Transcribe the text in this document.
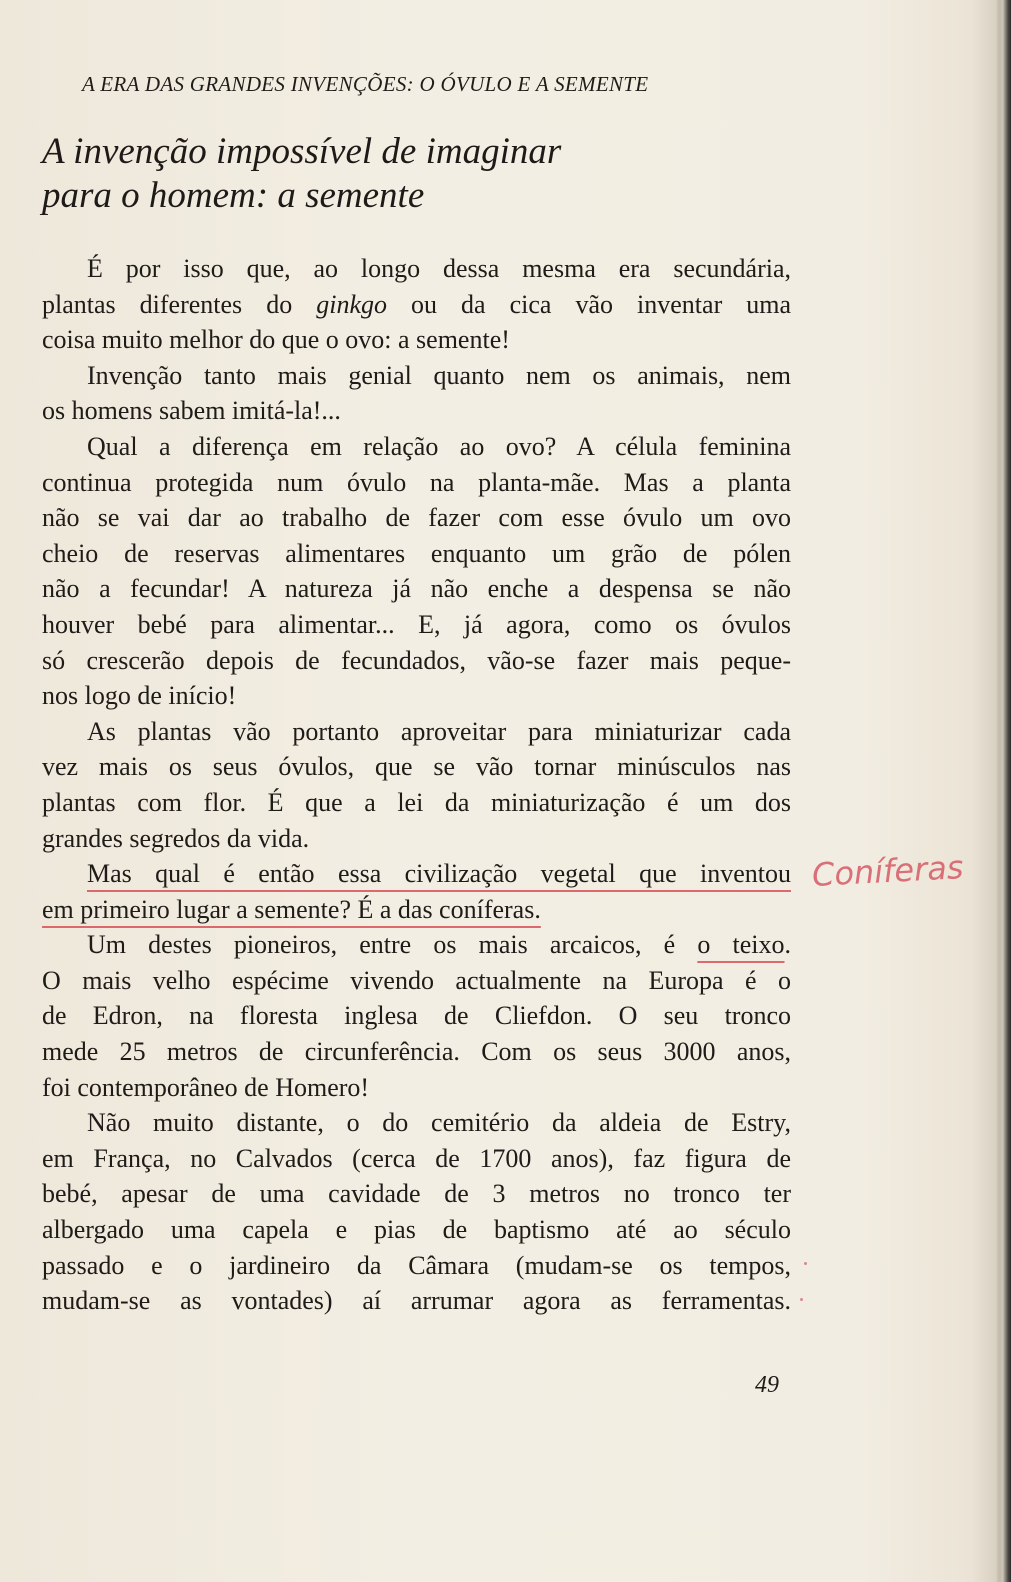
A ERA DAS GRANDES INVENÇÕES: O ÓVULO E A SEMENTE
A invenção impossível de imaginar
para o homem: a semente
É por isso que, ao longo dessa mesma era secundária,
plantas diferentes do ginkgo ou da cica vão inventar uma
coisa muito melhor do que o ovo: a semente!
Invenção tanto mais genial quanto nem os animais, nem
os homens sabem imitá-la!...
Qual a diferença em relação ao ovo? A célula feminina
continua protegida num óvulo na planta-mãe. Mas a planta
não se vai dar ao trabalho de fazer com esse óvulo um ovo
cheio de reservas alimentares enquanto um grão de pólen
não a fecundar! A natureza já não enche a despensa se não
houver bebé para alimentar... E, já agora, como os óvulos
só crescerão depois de fecundados, vão-se fazer mais peque-
nos logo de início!
As plantas vão portanto aproveitar para miniaturizar cada
vez mais os seus óvulos, que se vão tornar minúsculos nas
plantas com flor. É que a lei da miniaturização é um dos
grandes segredos da vida.
Mas qual é então essa civilização vegetal que inventou
em primeiro lugar a semente? É a das coníferas.
Um destes pioneiros, entre os mais arcaicos, é o teixo.
O mais velho espécime vivendo actualmente na Europa é o
de Edron, na floresta inglesa de Cliefdon. O seu tronco
mede 25 metros de circunferência. Com os seus 3000 anos,
foi contemporâneo de Homero!
Não muito distante, o do cemitério da aldeia de Estry,
em França, no Calvados (cerca de 1700 anos), faz figura de
bebé, apesar de uma cavidade de 3 metros no tronco ter
albergado uma capela e pias de baptismo até ao século
passado e o jardineiro da Câmara (mudam-se os tempos,
mudam-se as vontades) aí arrumar agora as ferramentas.
Coníferas
49
